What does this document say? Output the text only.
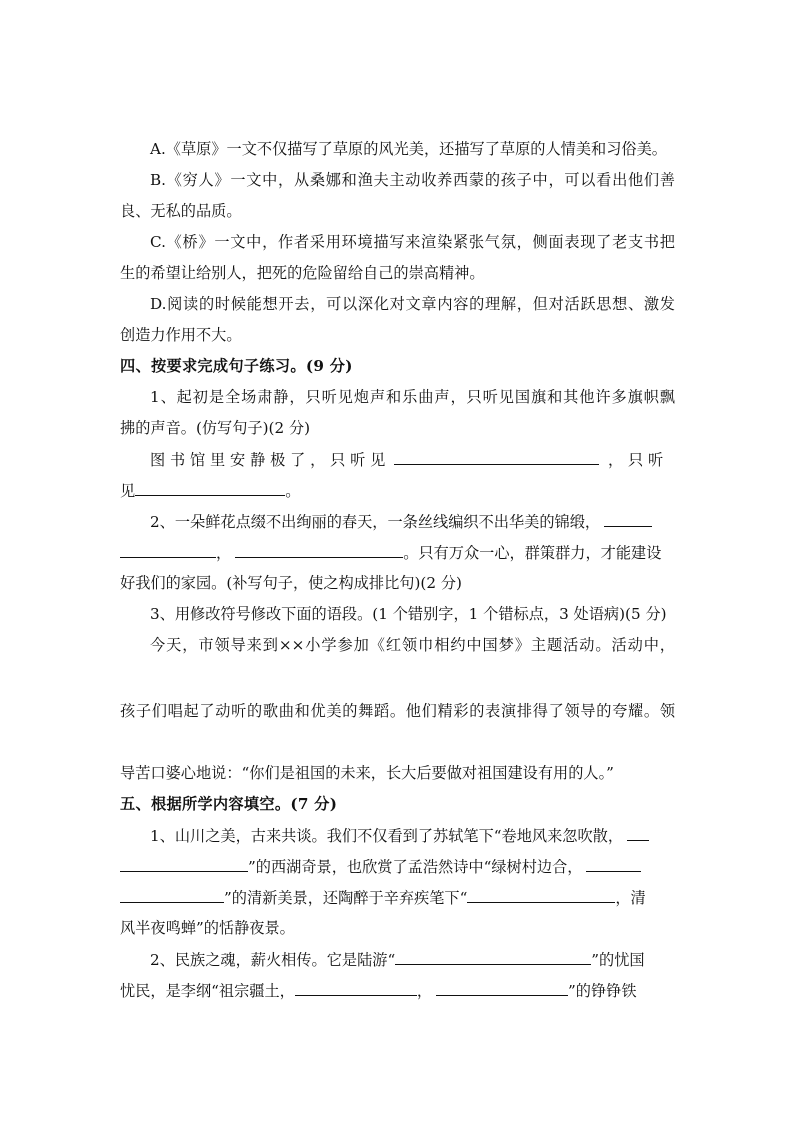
A.《草原》一文不仅描写了草原的风光美，还描写了草原的人情美和习俗美。
B.《穷人》一文中，从桑娜和渔夫主动收养西蒙的孩子中，可以看出他们善
良、无私的品质。
C.《桥》一文中，作者采用环境描写来渲染紧张气氛，侧面表现了老支书把
生的希望让给别人，把死的危险留给自己的崇高精神。
D.阅读的时候能想开去，可以深化对文章内容的理解，但对活跃思想、激发
创造力作用不大。
四、按要求完成句子练习。(9 分)
1、起初是全场肃静，只听见炮声和乐曲声，只听见国旗和其他许多旗帜飘
拂的声音。(仿写句子)(2 分)
图 书 馆 里 安 静 极 了 ， 只 听 见	， 只 听
见	。
2、一朵鲜花点缀不出绚丽的春天，一条丝线编织不出华美的锦缎，
，	。只有万众一心，群策群力，才能建设
好我们的家园。(补写句子，使之构成排比句)(2 分)
3、用修改符号修改下面的语段。(1 个错别字，1 个错标点，3 处语病)(5 分)
今天，市领导来到××小学参加《红领巾相约中国梦》主题活动。活动中，
孩子们唱起了动听的歌曲和优美的舞蹈。他们精彩的表演排得了领导的夸耀。领
导苦口婆心地说：“你们是祖国的未来，长大后要做对祖国建设有用的人。”
五、根据所学内容填空。(7 分)
1、山川之美，古来共谈。我们不仅看到了苏轼笔下“卷地风来忽吹散，
”的西湖奇景，也欣赏了孟浩然诗中“绿树村边合，
”的清新美景，还陶醉于辛弃疾笔下“	，清
风半夜鸣蝉”的恬静夜景。
2、民族之魂，薪火相传。它是陆游“	”的忧国
忧民，是李纲“祖宗疆土，	，	”的铮铮铁
